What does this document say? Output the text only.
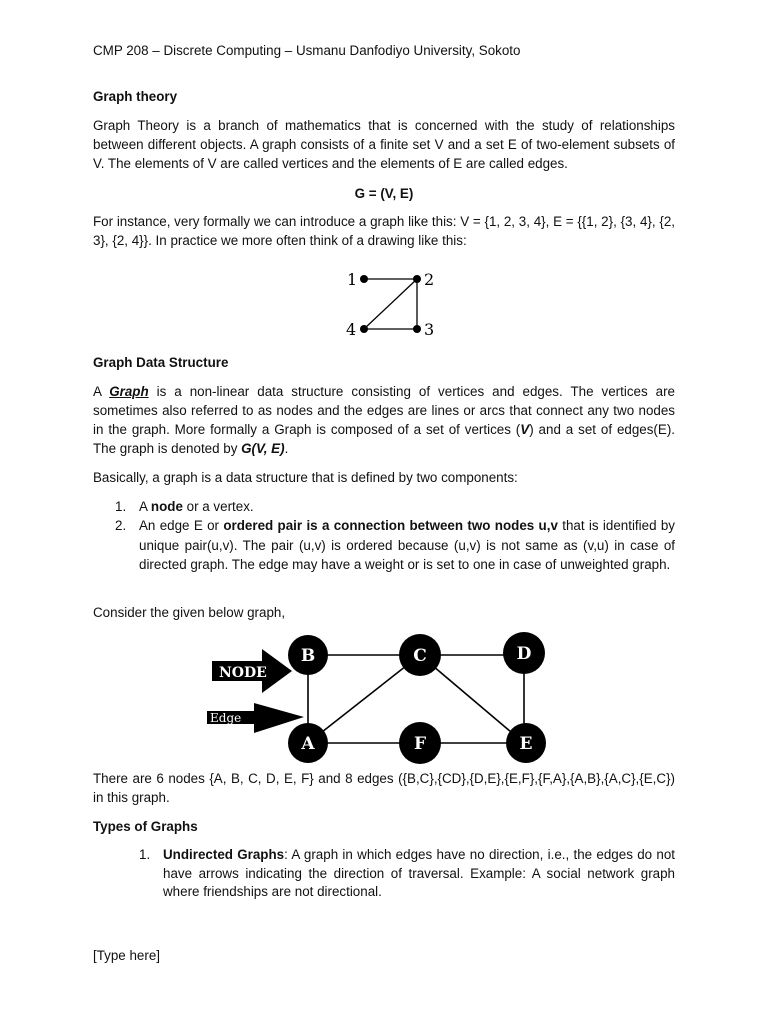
CMP 208 – Discrete Computing – Usmanu Danfodiyo University, Sokoto

Graph theory

Graph Theory is a branch of mathematics that is concerned with the study of relationships between different objects. A graph consists of a finite set V and a set E of two-element subsets of V. The elements of V are called vertices and the elements of E are called edges.

G = (V, E)

For instance, very formally we can introduce a graph like this: V = {1, 2, 3, 4}, E = {{1, 2}, {3, 4}, {2, 3}, {2, 4}}. In practice we more often think of a drawing like this:

1	2
3
4

Graph Data Structure

A Graph is a non-linear data structure consisting of vertices and edges. The vertices are sometimes also referred to as nodes and the edges are lines or arcs that connect any two nodes in the graph. More formally a Graph is composed of a set of vertices (V) and a set of edges(E). The graph is denoted by G(V, E).

Basically, a graph is a data structure that is defined by two components:

1. A node or a vertex.
2. An edge E or ordered pair is a connection between two nodes u,v that is identified by unique pair(u,v). The pair (u,v) is ordered because (u,v) is not same as (v,u) in case of directed graph. The edge may have a weight or is set to one in case of unweighted graph.

Consider the given below graph,

NODE
Edge
B	C	D
A	F	E

There are 6 nodes {A, B, C, D, E, F} and 8 edges ({B,C},{CD},{D,E},{E,F},{F,A},{A,B},{A,C},{E,C}) in this graph.

Types of Graphs

1. Undirected Graphs: A graph in which edges have no direction, i.e., the edges do not have arrows indicating the direction of traversal. Example: A social network graph where friendships are not directional.

[Type here]
